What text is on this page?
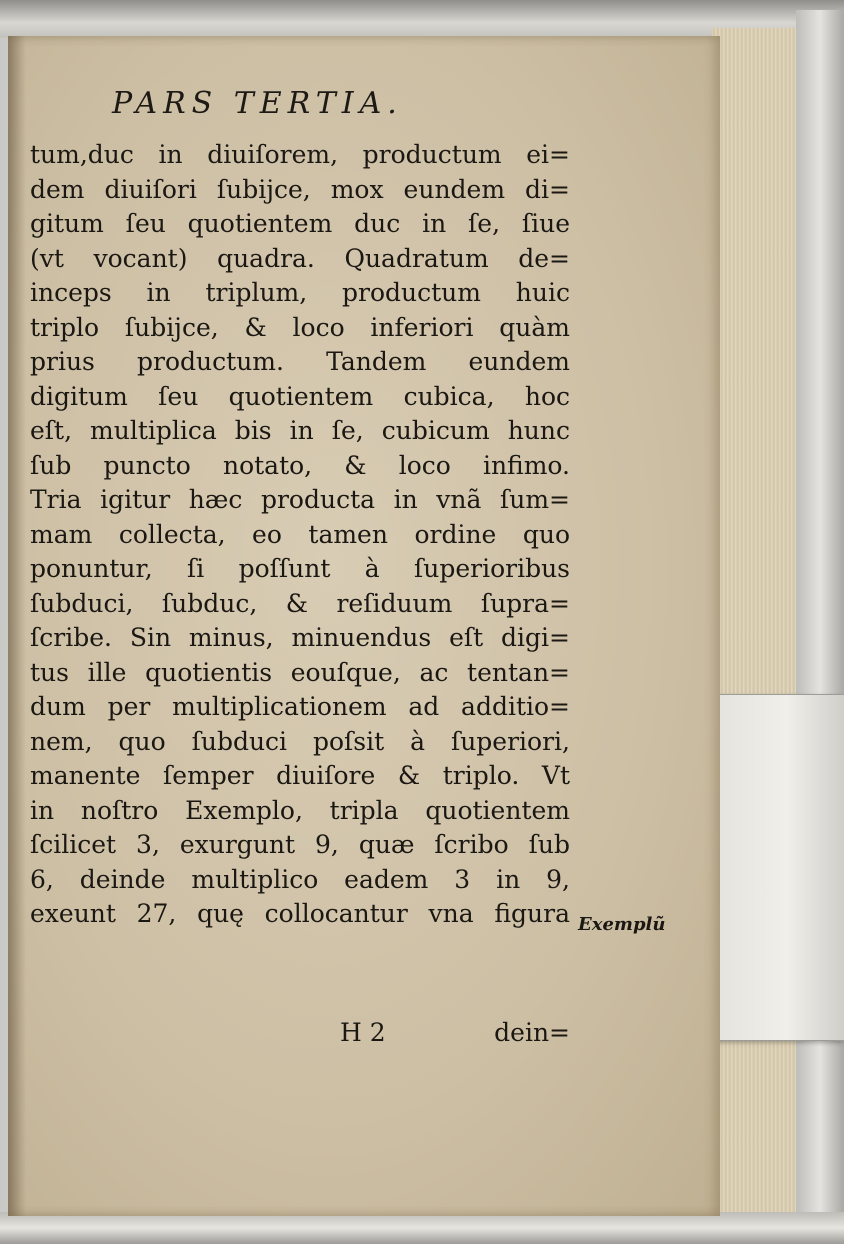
PARS TERTIA.
tum,duc in diuiſorem, productum ei=
dem diuiſori ſubijce, mox eundem di=
gitum ſeu quotientem duc in ſe, ſiue
(vt vocant) quadra. Quadratum de=
inceps in triplum, productum huic
triplo ſubijce, & loco inferiori quàm
prius productum. Tandem eundem
digitum ſeu quotientem cubica, hoc
eſt, multiplica bis in ſe, cubicum hunc
ſub puncto notato, & loco infimo.
Tria igitur hæc producta in vnã ſum=
mam collecta, eo tamen ordine quo
ponuntur, ſi poſſunt à ſuperioribus
ſubduci, ſubduc, & reſiduum ſupra=
ſcribe. Sin minus, minuendus eſt digi=
tus ille quotientis eouſque, ac tentan=
dum per multiplicationem ad additio=
nem, quo ſubduci poſsit à ſuperiori,
manente ſemper diuiſore & triplo. Vt
in noſtro Exemplo, tripla quotientem
ſcilicet 3, exurgunt 9, quæ ſcribo ſub
6, deinde multiplico eadem 3 in 9,
exeunt 27, quę collocantur vna figura Exemplũ
H 2	dein=
